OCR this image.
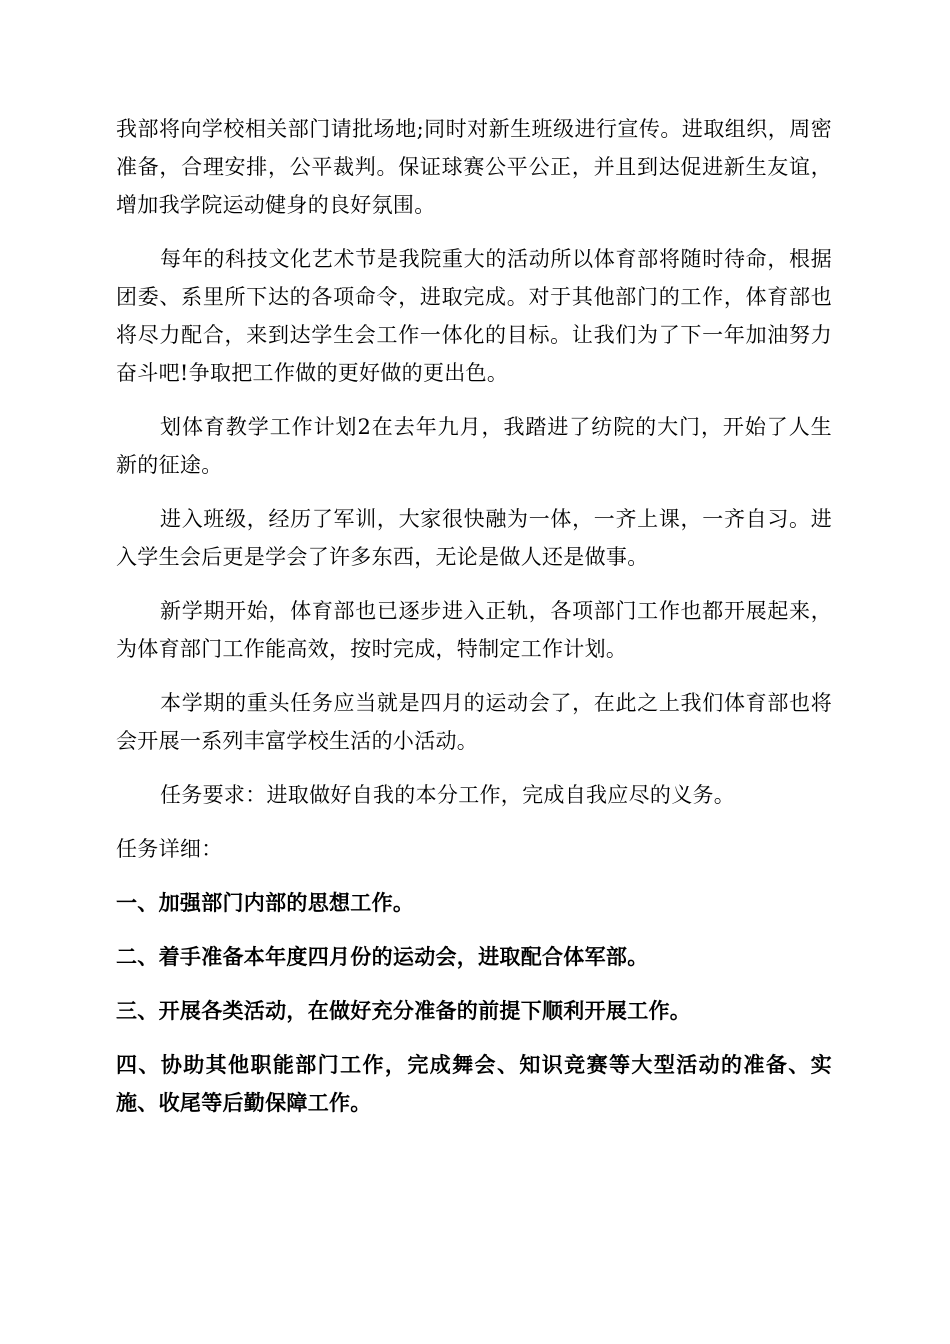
我部将向学校相关部门请批场地;同时对新生班级进行宣传。进取组织，周密准备，合理安排，公平裁判。保证球赛公平公正，并且到达促进新生友谊，增加我学院运动健身的良好氛围。

每年的科技文化艺术节是我院重大的活动所以体育部将随时待命，根据团委、系里所下达的各项命令，进取完成。对于其他部门的工作，体育部也将尽力配合，来到达学生会工作一体化的目标。让我们为了下一年加油努力奋斗吧!争取把工作做的更好做的更出色。

划体育教学工作计划2在去年九月，我踏进了纺院的大门，开始了人生新的征途。

进入班级，经历了军训，大家很快融为一体，一齐上课，一齐自习。进入学生会后更是学会了许多东西，无论是做人还是做事。

新学期开始，体育部也已逐步进入正轨，各项部门工作也都开展起来，为体育部门工作能高效，按时完成，特制定工作计划。

本学期的重头任务应当就是四月的运动会了，在此之上我们体育部也将会开展一系列丰富学校生活的小活动。

任务要求：进取做好自我的本分工作，完成自我应尽的义务。

任务详细：

一、加强部门内部的思想工作。

二、着手准备本年度四月份的运动会，进取配合体军部。

三、开展各类活动，在做好充分准备的前提下顺利开展工作。

四、协助其他职能部门工作，完成舞会、知识竞赛等大型活动的准备、实施、收尾等后勤保障工作。
